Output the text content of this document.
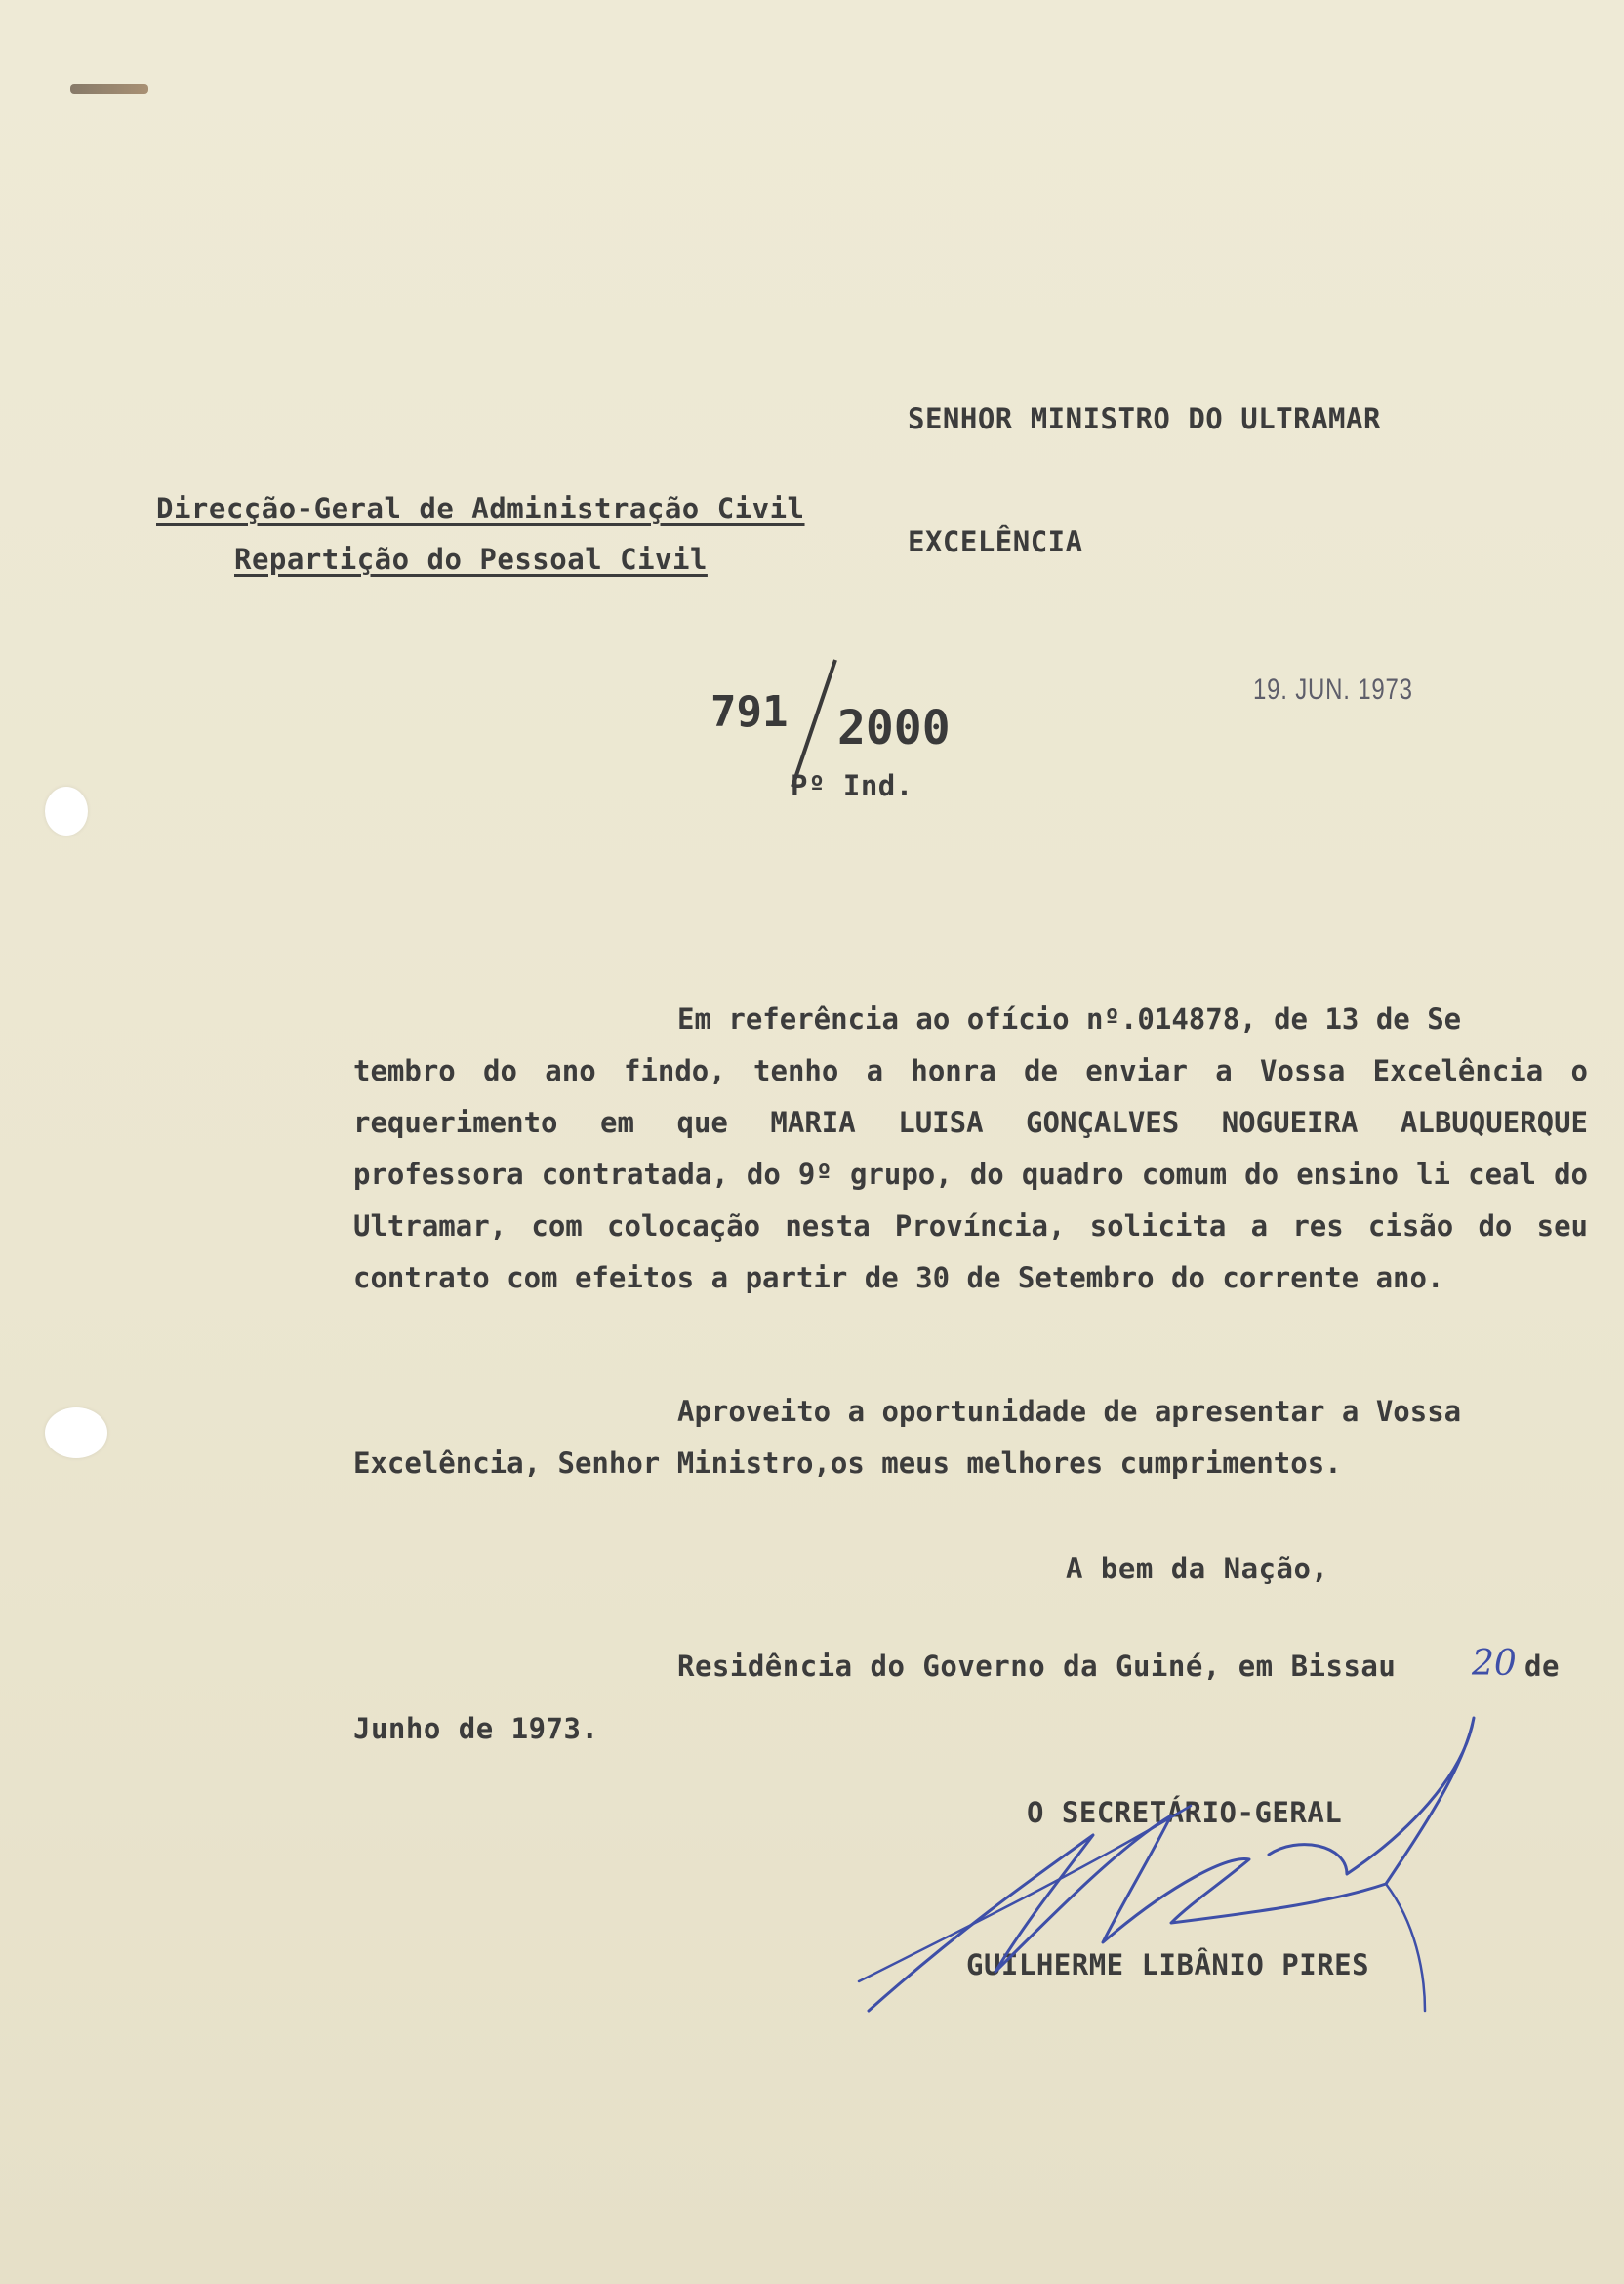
SENHOR MINISTRO DO ULTRAMAR
Direcção-Geral de Administração Civil
Repartição do Pessoal Civil
EXCELÊNCIA
791 2000
Pº Ind.
19. JUN. 1973
Em referência ao ofício nº.014878, de 13 de Se
tembro do ano findo, tenho a honra de enviar a Vossa Excelência o requerimento em que MARIA LUISA GONÇALVES NOGUEIRA ALBUQUERQUE professora contratada, do 9º grupo, do quadro comum do ensino li ceal do Ultramar, com colocação nesta Província, solicita a res cisão do seu contrato com efeitos a partir de 30 de Setembro do corrente ano.
Aproveito a oportunidade de apresentar a Vossa
Excelência, Senhor Ministro,os meus melhores cumprimentos.
A bem da Nação,
Residência do Governo da Guiné, em Bissau 20 de
Junho de 1973.
O SECRETÁRIO-GERAL
GUILHERME LIBÂNIO PIRES
